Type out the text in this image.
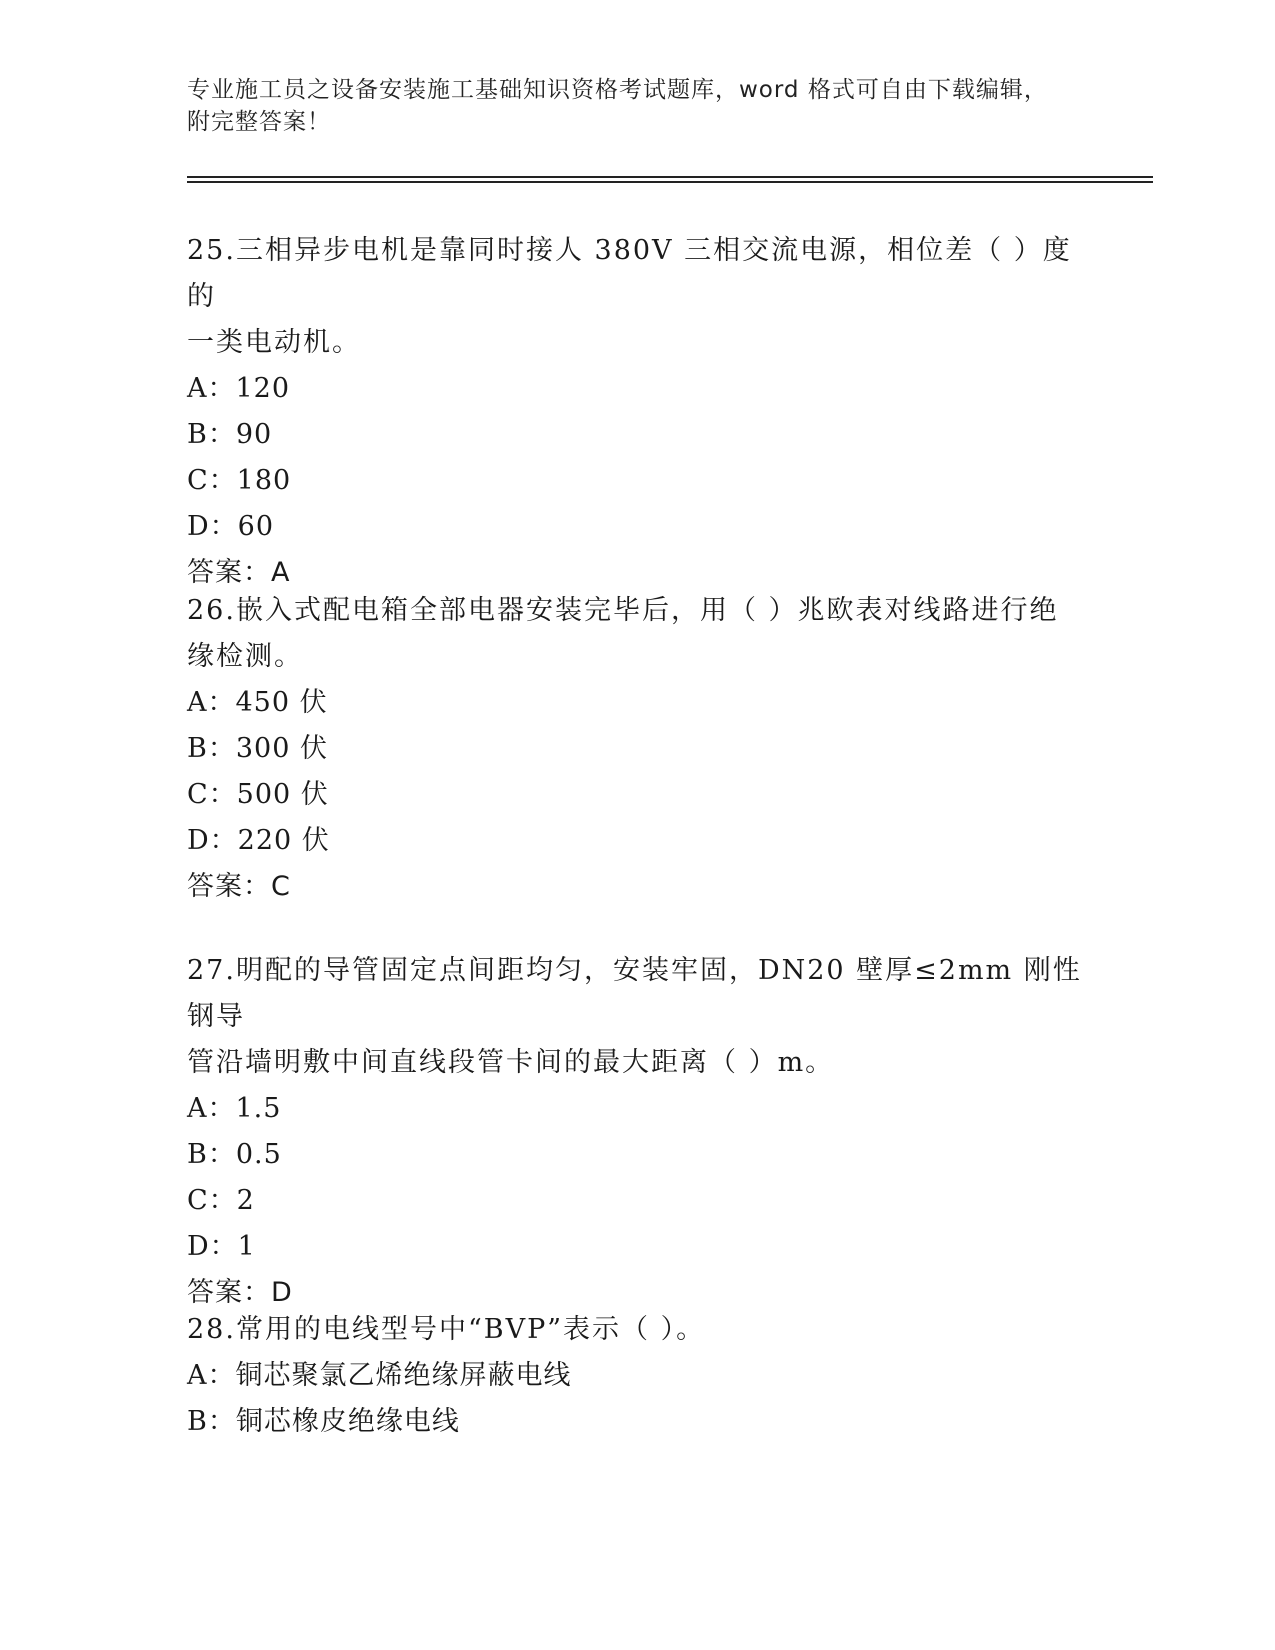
专业施工员之设备安装施工基础知识资格考试题库，word 格式可自由下载编辑，
附完整答案！

25.三相异步电机是靠同时接人 380V 三相交流电源，相位差（ ）度的

一类电动机。

A：120

B：90

C：180

D：60

答案：A

26.嵌入式配电箱全部电器安装完毕后，用（ ）兆欧表对线路进行绝

缘检测。

A：450 伏

B：300 伏

C：500 伏

D：220 伏

答案：C

27.明配的导管固定点间距均匀，安装牢固，DN20 壁厚≤2mm 刚性钢导

管沿墙明敷中间直线段管卡间的最大距离（ ）m。

A：1.5

B：0.5

C：2

D：1

答案：D

28.常用的电线型号中“BVP”表示（ ）。

A：铜芯聚氯乙烯绝缘屏蔽电线

B：铜芯橡皮绝缘电线
